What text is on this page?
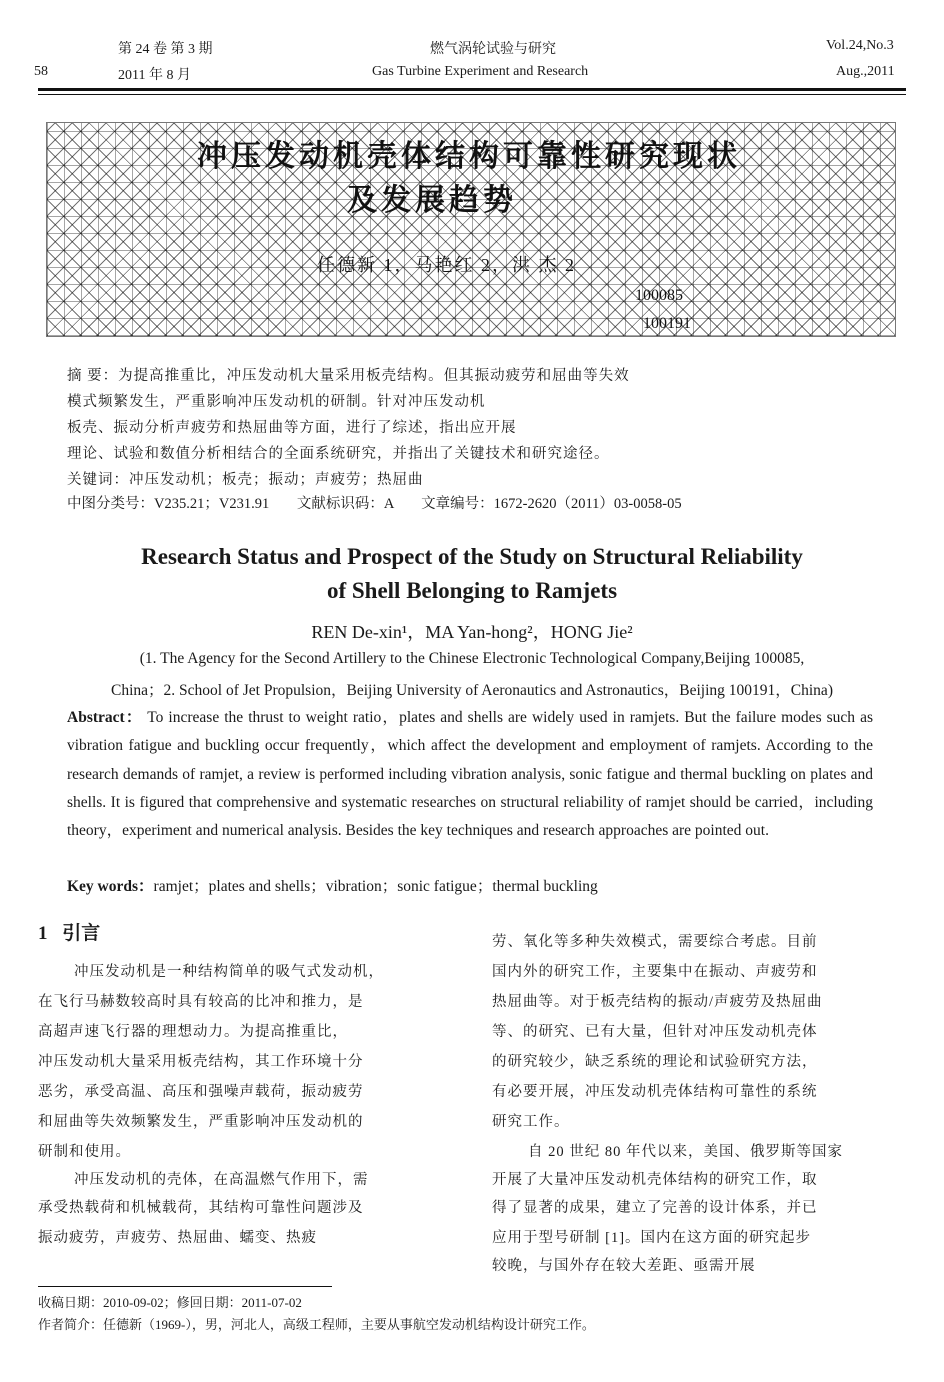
第 24 卷 第 3 期
58	2011 年 8 月
燃气涡轮试验与研究
Gas Turbine Experiment and Research
Vol.24,No.3
Aug.,2011
冲压发动机壳体结构可靠性研究现状
及发展趋势
任德新 1，马艳红 2，洪 杰 2
100085
100191
摘 要：为提高推重比，冲压发动机大量采用板壳结构。但其振动疲劳和屈曲等失效
模式频繁发生，严重影响冲压发动机的研制。针对冲压发动机
板壳、振动分析声疲劳和热屈曲等方面，进行了综述，指出应开展
理论、试验和数值分析相结合的全面系统研究，并指出了关键技术和研究途径。
关键词：冲压发动机；板壳；振动；声疲劳；热屈曲
中图分类号：V235.21；V231.91 文献标识码：A 文章编号：1672-2620（2011）03-0058-05
Research Status and Prospect of the Study on Structural Reliability
of Shell Belonging to Ramjets
REN De-xin¹，MA Yan-hong²，HONG Jie²
(1. The Agency for the Second Artillery to the Chinese Electronic Technological Company,Beijing 100085,
China；2. School of Jet Propulsion，Beijing University of Aeronautics and Astronautics，Beijing 100191，China)
Abstract： To increase the thrust to weight ratio，plates and shells are widely used in ramjets. But the failure modes such as vibration fatigue and buckling occur frequently，which affect the development and employment of ramjets. According to the research demands of ramjet, a review is performed including vibration analysis, sonic fatigue and thermal buckling on plates and shells. It is figured that comprehensive and systematic researches on structural reliability of ramjet should be carried，including theory，experiment and numerical analysis. Besides the key techniques and research approaches are pointed out.
Key words：ramjet；plates and shells；vibration；sonic fatigue；thermal buckling
1 引言
冲压发动机是一种结构简单的吸气式发动机，
在飞行马赫数较高时具有较高的比冲和推力，是
高超声速飞行器的理想动力。为提高推重比，
冲压发动机大量采用板壳结构，其工作环境十分
恶劣，承受高温、高压和强噪声载荷，振动疲劳
和屈曲等失效频繁发生，严重影响冲压发动机的
研制和使用。
冲压发动机的壳体，在高温燃气作用下，需
承受热载荷和机械载荷，其结构可靠性问题涉及
振动疲劳，声疲劳、热屈曲、蠕变、热疲
劳、氧化等多种失效模式，需要综合考虑。目前
国内外的研究工作，主要集中在振动、声疲劳和
热屈曲等。对于板壳结构的振动/声疲劳及热屈曲
等、的研究、已有大量，但针对冲压发动机壳体
的研究较少，缺乏系统的理论和试验研究方法，
有必要开展，冲压发动机壳体结构可靠性的系统
研究工作。
自 20 世纪 80 年代以来，美国、俄罗斯等国家
开展了大量冲压发动机壳体结构的研究工作，取
得了显著的成果，建立了完善的设计体系，并已
应用于型号研制 [1]。国内在这方面的研究起步
较晚，与国外存在较大差距、亟需开展
收稿日期：2010-09-02；修回日期：2011-07-02
作者简介：任德新（1969-），男，河北人，高级工程师，主要从事航空发动机结构设计研究工作。
